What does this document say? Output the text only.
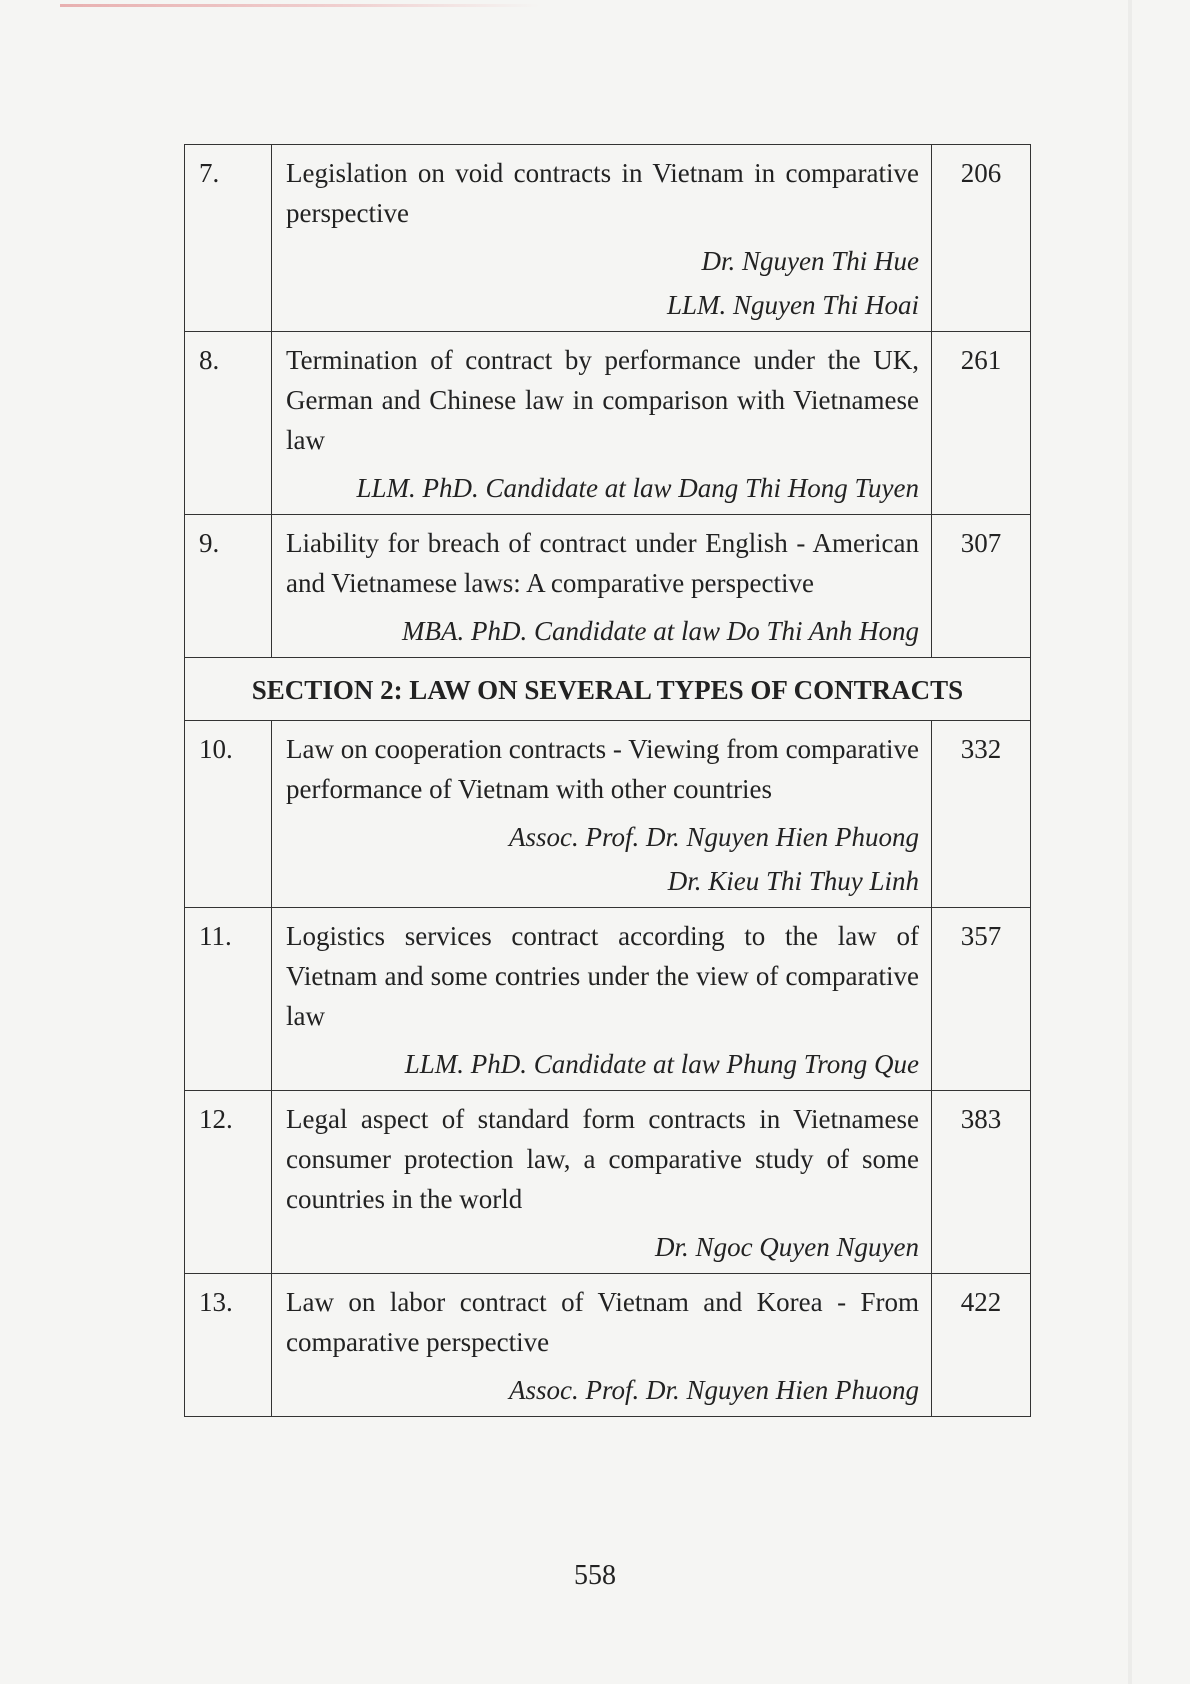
7.	Legislation on void contracts in Vietnam in comparative perspective
Dr. Nguyen Thi Hue
LLM. Nguyen Thi Hoai	206
8.	Termination of contract by performance under the UK, German and Chinese law in comparison with Vietnamese law
LLM. PhD. Candidate at law Dang Thi Hong Tuyen	261
9.	Liability for breach of contract under English - American and Vietnamese laws: A comparative perspective
MBA. PhD. Candidate at law Do Thi Anh Hong	307
SECTION 2: LAW ON SEVERAL TYPES OF CONTRACTS		
10.	Law on cooperation contracts - Viewing from comparative performance of Vietnam with other countries
Assoc. Prof. Dr. Nguyen Hien Phuong
Dr. Kieu Thi Thuy Linh	332
11.	Logistics services contract according to the law of Vietnam and some contries under the view of comparative law
LLM. PhD. Candidate at law Phung Trong Que	357
12.	Legal aspect of standard form contracts in Vietnamese consumer protection law, a comparative study of some countries in the world
Dr. Ngoc Quyen Nguyen	383
13.	Law on labor contract of Vietnam and Korea - From comparative perspective
Assoc. Prof. Dr. Nguyen Hien Phuong	422
558
